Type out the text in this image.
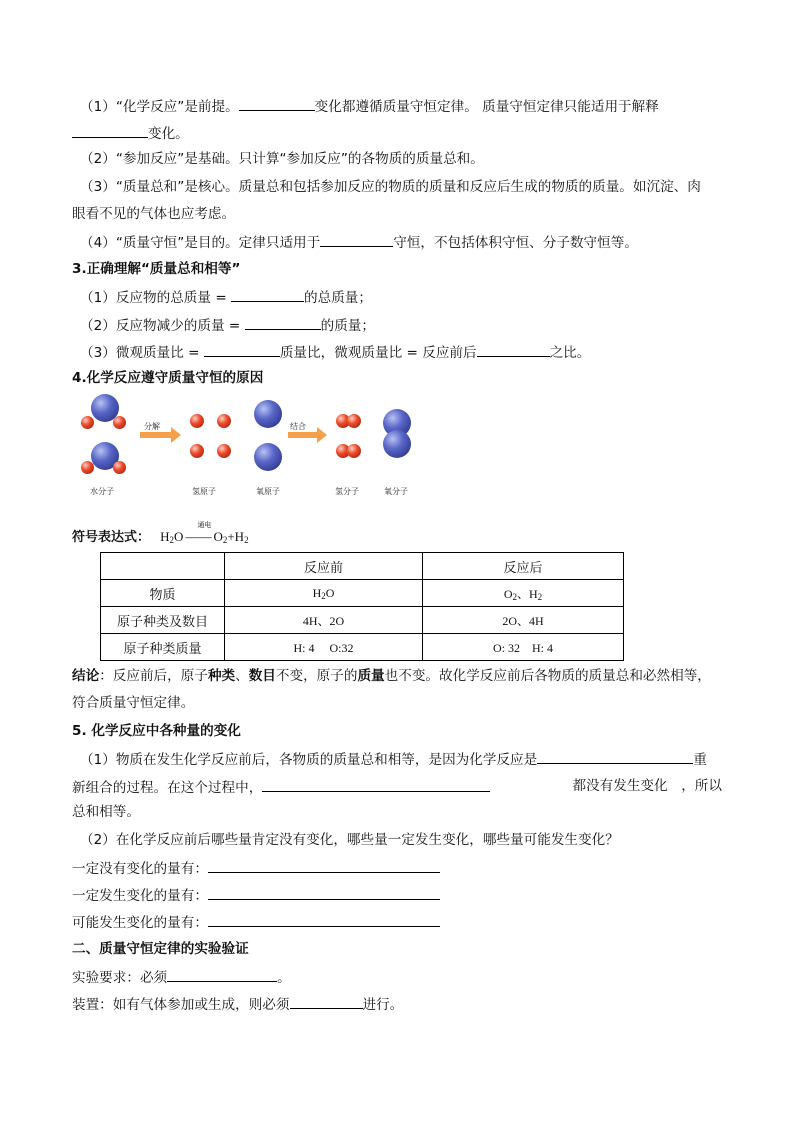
（1）“化学反应”是前提。	变化都遵循质量守恒定律。 质量守恒定律只能适用于解释
变化。
（2）“参加反应”是基础。只计算“参加反应”的各物质的质量总和。
（3）“质量总和”是核心。质量总和包括参加反应的物质的质量和反应后生成的物质的质量。如沉淀、肉
眼看不见的气体也应考虑。
（4）“质量守恒”是目的。定律只适用于	守恒，不包括体积守恒、分子数守恒等。
3.正确理解“质量总和相等”
（1）反应物的总质量 =	的总质量；
（2）反应物减少的质量 =	的质量；
（3）微观质量比 =	质量比，微观质量比 = 反应前后	之比。
4.化学反应遵守质量守恒的原因
水分子
分解
氢原子	氧原子
结合
氢分子	氧分子
符号表达式： $H_2O$
通电
—— $O_2+H_2$
	反应前	反应后
物质	$H_2O$	$O_2$、$H_2$
原子种类及数目	4H、2O	2O、4H
原子种类质量	H: 4　 O:32	O: 32　H: 4
结论：反应前后，原子种类、数目不变，原子的质量也不变。故化学反应前后各物质的质量总和必然相等，
符合质量守恒定律。
5. 化学反应中各种量的变化
（1）物质在发生化学反应前后，各物质的质量总和相等，是因为化学反应是	重
新组合的过程。在这个过程中，	都没有发生变化　，所以
总和相等。
（2）在化学反应前后哪些量肯定没有变化，哪些量一定发生变化，哪些量可能发生变化？
一定没有变化的量有：
一定发生变化的量有：
可能发生变化的量有：
二、质量守恒定律的实验验证
实验要求：必须	。
装置：如有气体参加或生成，则必须	进行。
